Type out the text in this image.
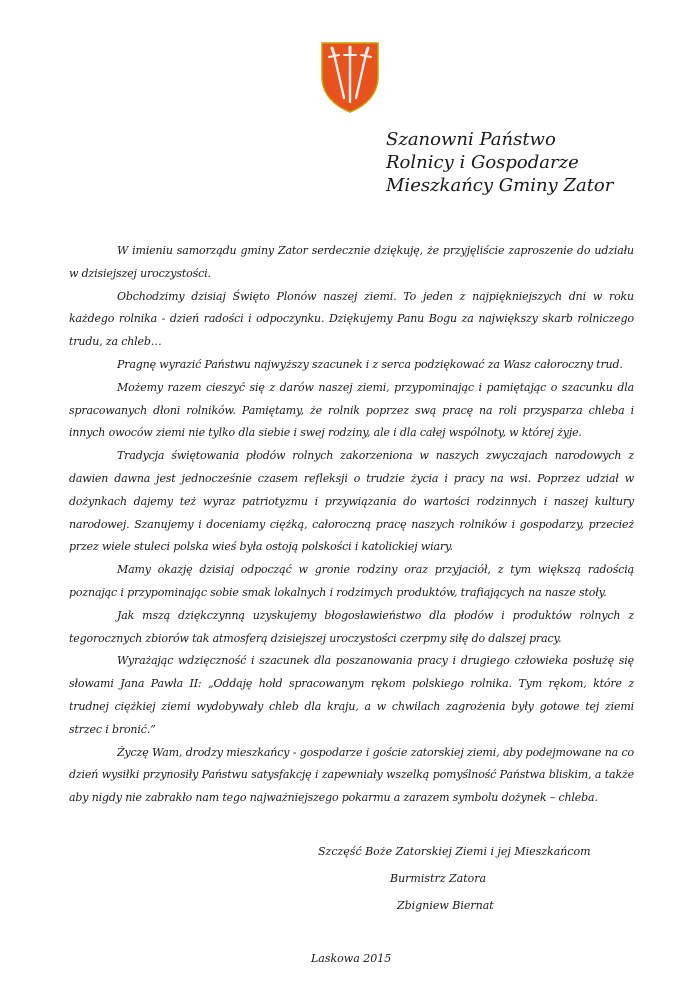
Szanowni Państwo
Rolnicy i Gospodarze
Mieszkańcy Gminy Zator

W imieniu samorządu gminy Zator serdecznie dziękuję, że przyjęliście zaproszenie do udziału w dzisiejszej uroczystości.

Obchodzimy dzisiaj Święto Plonów naszej ziemi. To jeden z najpiękniejszych dni w roku każdego rolnika - dzień radości i odpoczynku. Dziękujemy Panu Bogu za największy skarb rolniczego trudu, za chleb…

Pragnę wyrazić Państwu najwyższy szacunek i z serca podziękować za Wasz całoroczny trud.

Możemy razem cieszyć się z darów naszej ziemi, przypominając i pamiętając o szacunku dla spracowanych dłoni rolników. Pamiętamy, że rolnik poprzez swą pracę na roli przysparza chleba i innych owoców ziemi nie tylko dla siebie i swej rodziny, ale i dla całej wspólnoty, w której żyje.

Tradycja świętowania płodów rolnych zakorzeniona w naszych zwyczajach narodowych z dawien dawna jest jednocześnie czasem refleksji o trudzie życia i pracy na wsi. Poprzez udział w dożynkach dajemy też wyraz patriotyzmu i przywiązania do wartości rodzinnych i naszej kultury narodowej. Szanujemy i doceniamy ciężką, całoroczną pracę naszych rolników i gospodarzy, przecież przez wiele stuleci polska wieś była ostoją polskości i katolickiej wiary.

Mamy okazję dzisiaj odpocząć w gronie rodziny oraz przyjaciół, z tym większą radością poznając i przypominając sobie smak lokalnych i rodzimych produktów, trafiających na nasze stoły.

Jak mszą dziękczynną uzyskujemy błogosławieństwo dla płodów i produktów rolnych z tegorocznych zbiorów tak atmosferą dzisiejszej uroczystości czerpmy siłę do dalszej pracy.

Wyrażając wdzięczność i szacunek dla poszanowania pracy i drugiego człowieka posłużę się słowami Jana Pawła II: „Oddaję hołd spracowanym rękom polskiego rolnika. Tym rękom, które z trudnej ciężkiej ziemi wydobywały chleb dla kraju, a w chwilach zagrożenia były gotowe tej ziemi strzec i bronić.”

Życzę Wam, drodzy mieszkańcy - gospodarze i goście zatorskiej ziemi, aby podejmowane na co dzień wysiłki przynosiły Państwu satysfakcję i zapewniały wszelką pomyślność Państwa bliskim, a także aby nigdy nie zabrakło nam tego najważniejszego pokarmu a zarazem symbolu dożynek – chleba.

Szczęść Boże Zatorskiej Ziemi i jej Mieszkańcom
Burmistrz Zatora
Zbigniew Biernat
Laskowa 2015
